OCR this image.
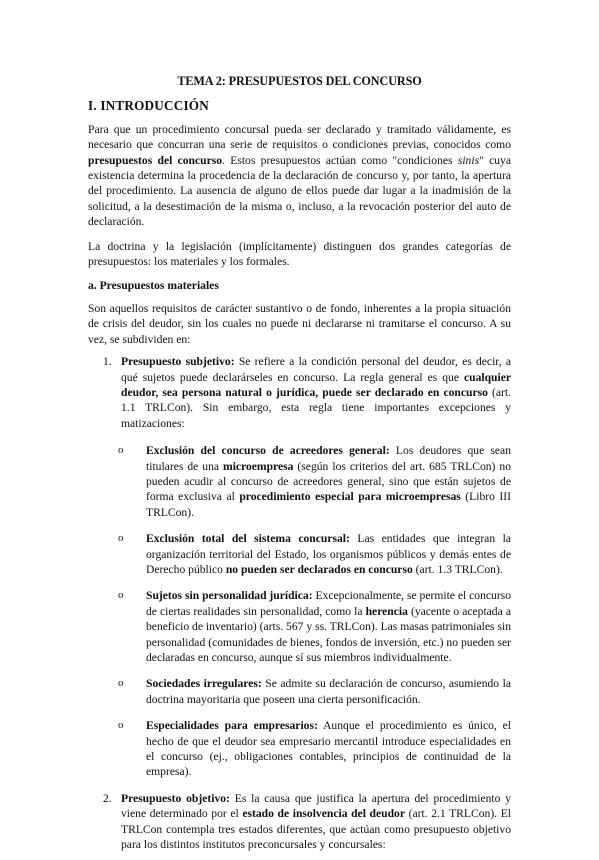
TEMA 2: PRESUPUESTOS DEL CONCURSO
I. INTRODUCCIÓN

Para que un procedimiento concursal pueda ser declarado y tramitado válidamente, es necesario que concurran una serie de requisitos o condiciones previas, conocidos como presupuestos del concurso. Estos presupuestos actúan como "condiciones sinis" cuya existencia determina la procedencia de la declaración de concurso y, por tanto, la apertura del procedimiento. La ausencia de alguno de ellos puede dar lugar a la inadmisión de la solicitud, a la desestimación de la misma o, incluso, a la revocación posterior del auto de declaración.

La doctrina y la legislación (implícitamente) distinguen dos grandes categorías de presupuestos: los materiales y los formales.

a. Presupuestos materiales

Son aquellos requisitos de carácter sustantivo o de fondo, inherentes a la propia situación de crisis del deudor, sin los cuales no puede ni declararse ni tramitarse el concurso. A su vez, se subdividen en:

1. Presupuesto subjetivo: Se refiere a la condición personal del deudor, es decir, a qué sujetos puede declarárseles en concurso. La regla general es que cualquier deudor, sea persona natural o jurídica, puede ser declarado en concurso (art. 1.1 TRLCon). Sin embargo, esta regla tiene importantes excepciones y matizaciones:
o Exclusión del concurso de acreedores general: Los deudores que sean titulares de una microempresa (según los criterios del art. 685 TRLCon) no pueden acudir al concurso de acreedores general, sino que están sujetos de forma exclusiva al procedimiento especial para microempresas (Libro III TRLCon).
o Exclusión total del sistema concursal: Las entidades que integran la organización territorial del Estado, los organismos públicos y demás entes de Derecho público no pueden ser declarados en concurso (art. 1.3 TRLCon).
o Sujetos sin personalidad jurídica: Excepcionalmente, se permite el concurso de ciertas realidades sin personalidad, como la herencia (yacente o aceptada a beneficio de inventario) (arts. 567 y ss. TRLCon). Las masas patrimoniales sin personalidad (comunidades de bienes, fondos de inversión, etc.) no pueden ser declaradas en concurso, aunque sí sus miembros individualmente.
o Sociedades irregulares: Se admite su declaración de concurso, asumiendo la doctrina mayoritaria que poseen una cierta personificación.
o Especialidades para empresarios: Aunque el procedimiento es único, el hecho de que el deudor sea empresario mercantil introduce especialidades en el concurso (ej., obligaciones contables, principios de continuidad de la empresa).
2. Presupuesto objetivo: Es la causa que justifica la apertura del procedimiento y viene determinado por el estado de insolvencia del deudor (art. 2.1 TRLCon). El TRLCon contempla tres estados diferentes, que actúan como presupuesto objetivo para los distintos institutos preconcursales y concursales:
